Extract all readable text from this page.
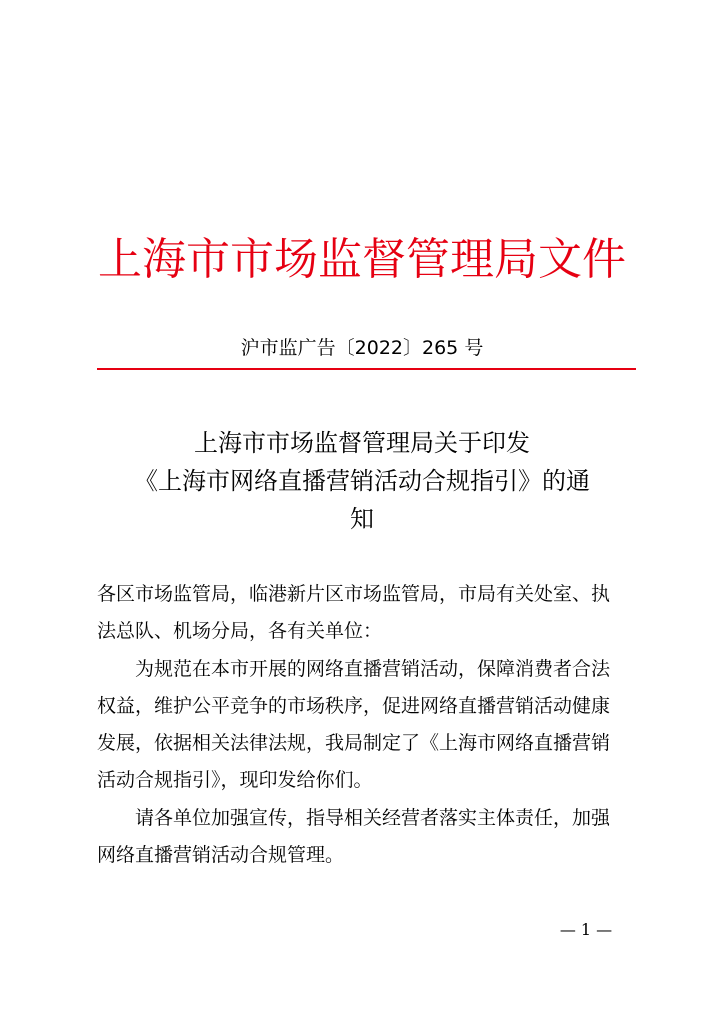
上海市市场监督管理局文件
沪市监广告〔2022〕265 号
上海市市场监督管理局关于印发
《上海市网络直播营销活动合规指引》的通
知
各区市场监管局，临港新片区市场监管局，市局有关处室、执
法总队、机场分局，各有关单位：
为规范在本市开展的网络直播营销活动，保障消费者合法
权益，维护公平竞争的市场秩序，促进网络直播营销活动健康
发展，依据相关法律法规，我局制定了《上海市网络直播营销
活动合规指引》，现印发给你们。
请各单位加强宣传，指导相关经营者落实主体责任，加强
网络直播营销活动合规管理。
— 1 —
